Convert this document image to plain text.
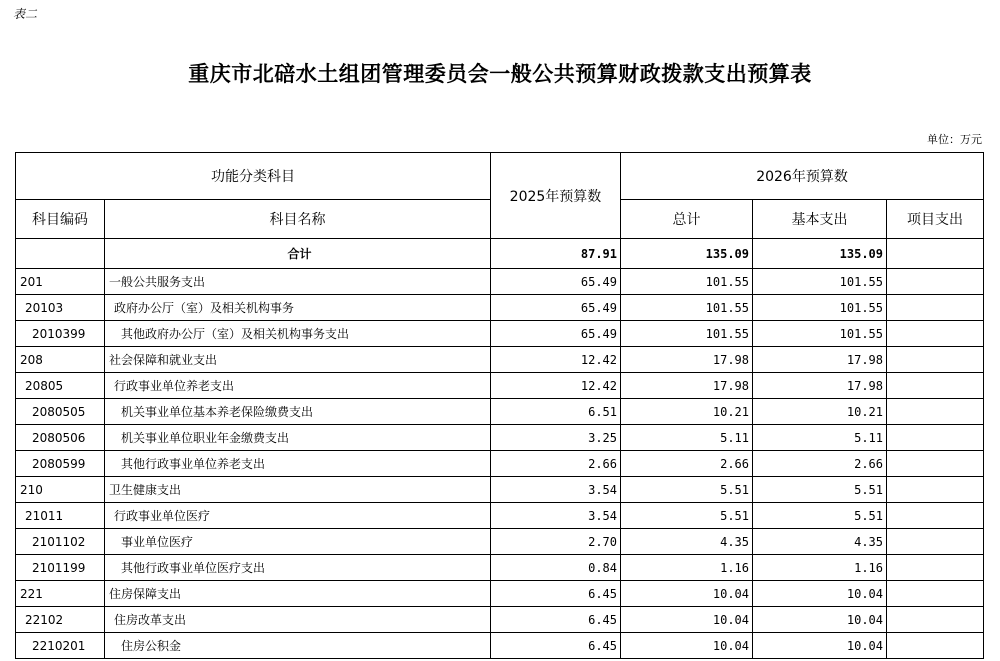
表二
重庆市北碚水土组团管理委员会一般公共预算财政拨款支出预算表
单位：万元
功能分类科目		2025年预算数	2026年预算数		
科目编码	科目名称		总计	基本支出	项目支出
	合计	87.91	135.09	135.09	
201	一般公共服务支出	65.49	101.55	101.55	
20103	政府办公厅（室）及相关机构事务	65.49	101.55	101.55	
2010399	其他政府办公厅（室）及相关机构事务支出	65.49	101.55	101.55	
208	社会保障和就业支出	12.42	17.98	17.98	
20805	行政事业单位养老支出	12.42	17.98	17.98	
2080505	机关事业单位基本养老保险缴费支出	6.51	10.21	10.21	
2080506	机关事业单位职业年金缴费支出	3.25	5.11	5.11	
2080599	其他行政事业单位养老支出	2.66	2.66	2.66	
210	卫生健康支出	3.54	5.51	5.51	
21011	行政事业单位医疗	3.54	5.51	5.51	
2101102	事业单位医疗	2.70	4.35	4.35	
2101199	其他行政事业单位医疗支出	0.84	1.16	1.16	
221	住房保障支出	6.45	10.04	10.04	
22102	住房改革支出	6.45	10.04	10.04	
2210201	住房公积金	6.45	10.04	10.04	
